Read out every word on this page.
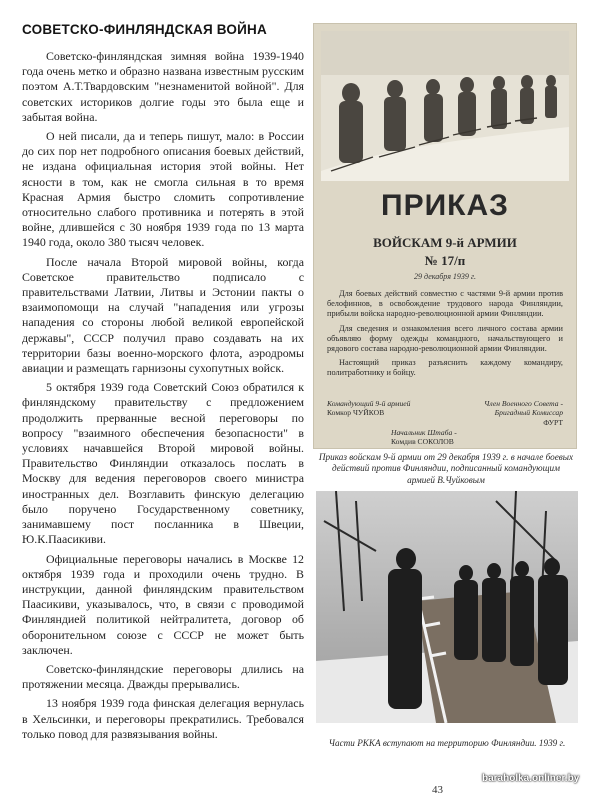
СОВЕТСКО-ФИНЛЯНДСКАЯ ВОЙНА

Советско-финляндская зимняя война 1939-1940 года очень метко и образно названа известным русским поэтом А.Т.Твардовским "незнаменитой войной". Для советских историков долгие годы это была еще и забытая война.

О ней писали, да и теперь пишут, мало: в России до сих пор нет подробного описания боевых действий, не издана официальная история этой войны. Нет ясности в том, как не смогла сильная в то время Красная Армия быстро сломить сопротивление относительно слабого противника и потерять в этой войне, длившейся с 30 ноября 1939 года по 13 марта 1940 года, около 380 тысяч человек.

После начала Второй мировой войны, когда Советское правительство подписало с правительствами Латвии, Литвы и Эстонии пакты о взаимопомощи на случай "нападения или угрозы нападения со стороны любой великой европейской державы", СССР получил право создавать на их территории базы военно-морского флота, аэродромы авиации и размещать гарнизоны сухопутных войск.

5 октября 1939 года Советский Союз обратился к финляндскому правительству с предложением продолжить прерванные весной переговоры по вопросу "взаимного обеспечения безопасности" в условиях начавшейся Второй мировой войны. Правительство Финляндии отказалось послать в Москву для ведения переговоров своего министра иностранных дел. Возглавить финскую делегацию было поручено Государственному советнику, занимавшему пост посланника в Швеции, Ю.К.Паасикиви.

Официальные переговоры начались в Москве 12 октября 1939 года и проходили очень трудно. В инструкции, данной финляндским правительством Паасикиви, указывалось, что, в связи с проводимой Финляндией политикой нейтралитета, договор об оборонительном союзе с СССР не может быть заключен.

Советско-финляндские переговоры длились на протяжении месяца. Дважды прерывались.

13 ноября 1939 года финская делегация вернулась в Хельсинки, и переговоры прекратились. Требовался только повод для развязывания войны.

ПРИКАЗ
ВОЙСКАМ 9-й АРМИИ
№ 17/п
29 декабря 1939 г.

Для боевых действий совместно с частями 9-й армии против белофиннов, в освобождение трудового народа Финляндии, прибыли войска народно-революционной армии Финляндии.

Для сведения и ознакомления всего личного состава армии объявляю форму одежды командного, начальствующего и рядового состава народно-революционной армии Финляндии.

Настоящий приказ разъяснить каждому командиру, политработнику и бойцу.

Командующий 9-й армией
Комкор ЧУЙКОВ
Член Военного Совета - Бригадный Комиссар
ФУРТ
Начальник Штаба -
Комдив СОКОЛОВ
Приказ войскам 9-й армии от 29 декабря 1939 г. в начале боевых действий против Финляндии, подписанный командующим армией В.Чуйковым
Части РККА вступают на территорию Финляндии. 1939 г.
43
baraholka.onliner.by
